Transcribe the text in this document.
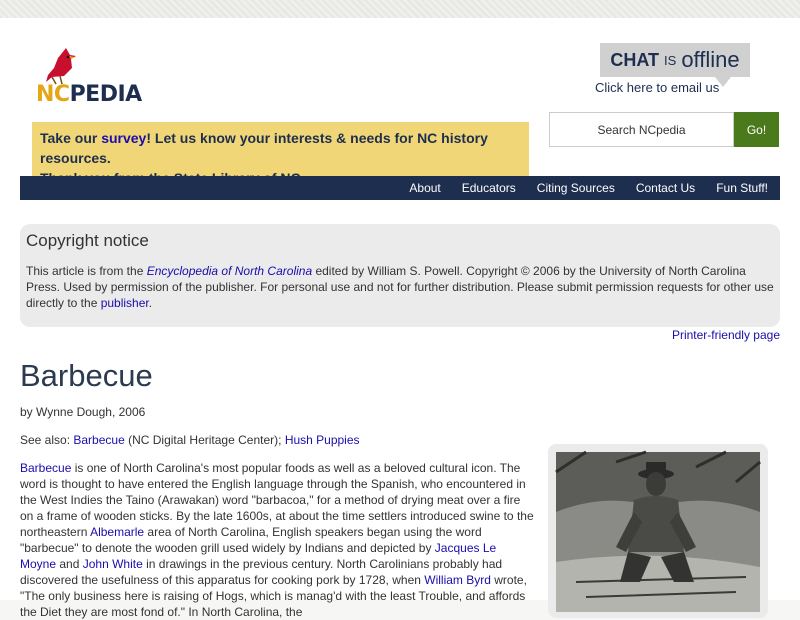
NCPEDIA
CHAT IS offline
Click here to email us
Take our survey! Let us know your interests & needs for NC history resources.
Search NCpedia
Go!
About	Educators	Citing Sources	Contact Us	Fun Stuff!
Copyright notice

This article is from the Encyclopedia of North Carolina edited by William S. Powell. Copyright © 2006 by the University of North Carolina Press. Used by permission of the publisher. For personal use and not for further distribution. Please submit permission requests for other use directly to the publisher.

Printer-friendly page
Barbecue
by Wynne Dough, 2006
See also: Barbecue (NC Digital Heritage Center); Hush Puppies

Barbecue is one of North Carolina's most popular foods as well as a beloved cultural icon. The word is thought to have entered the English language through the Spanish, who encountered in the West Indies the Taino (Arawakan) word "barbacoa," for a method of drying meat over a fire on a frame of wooden sticks. By the late 1600s, at about the time settlers introduced swine to the northeastern Albemarle area of North Carolina, English speakers began using the word "barbecue" to denote the wooden grill used widely by Indians and depicted by Jacques Le Moyne and John White in drawings in the previous century. North Carolinians probably had discovered the usefulness of this apparatus for cooking pork by 1728, when William Byrd wrote, "The only business here is raising of Hogs, which is manag'd with the least Trouble, and affords the Diet they are most fond of." In North Carolina, the
